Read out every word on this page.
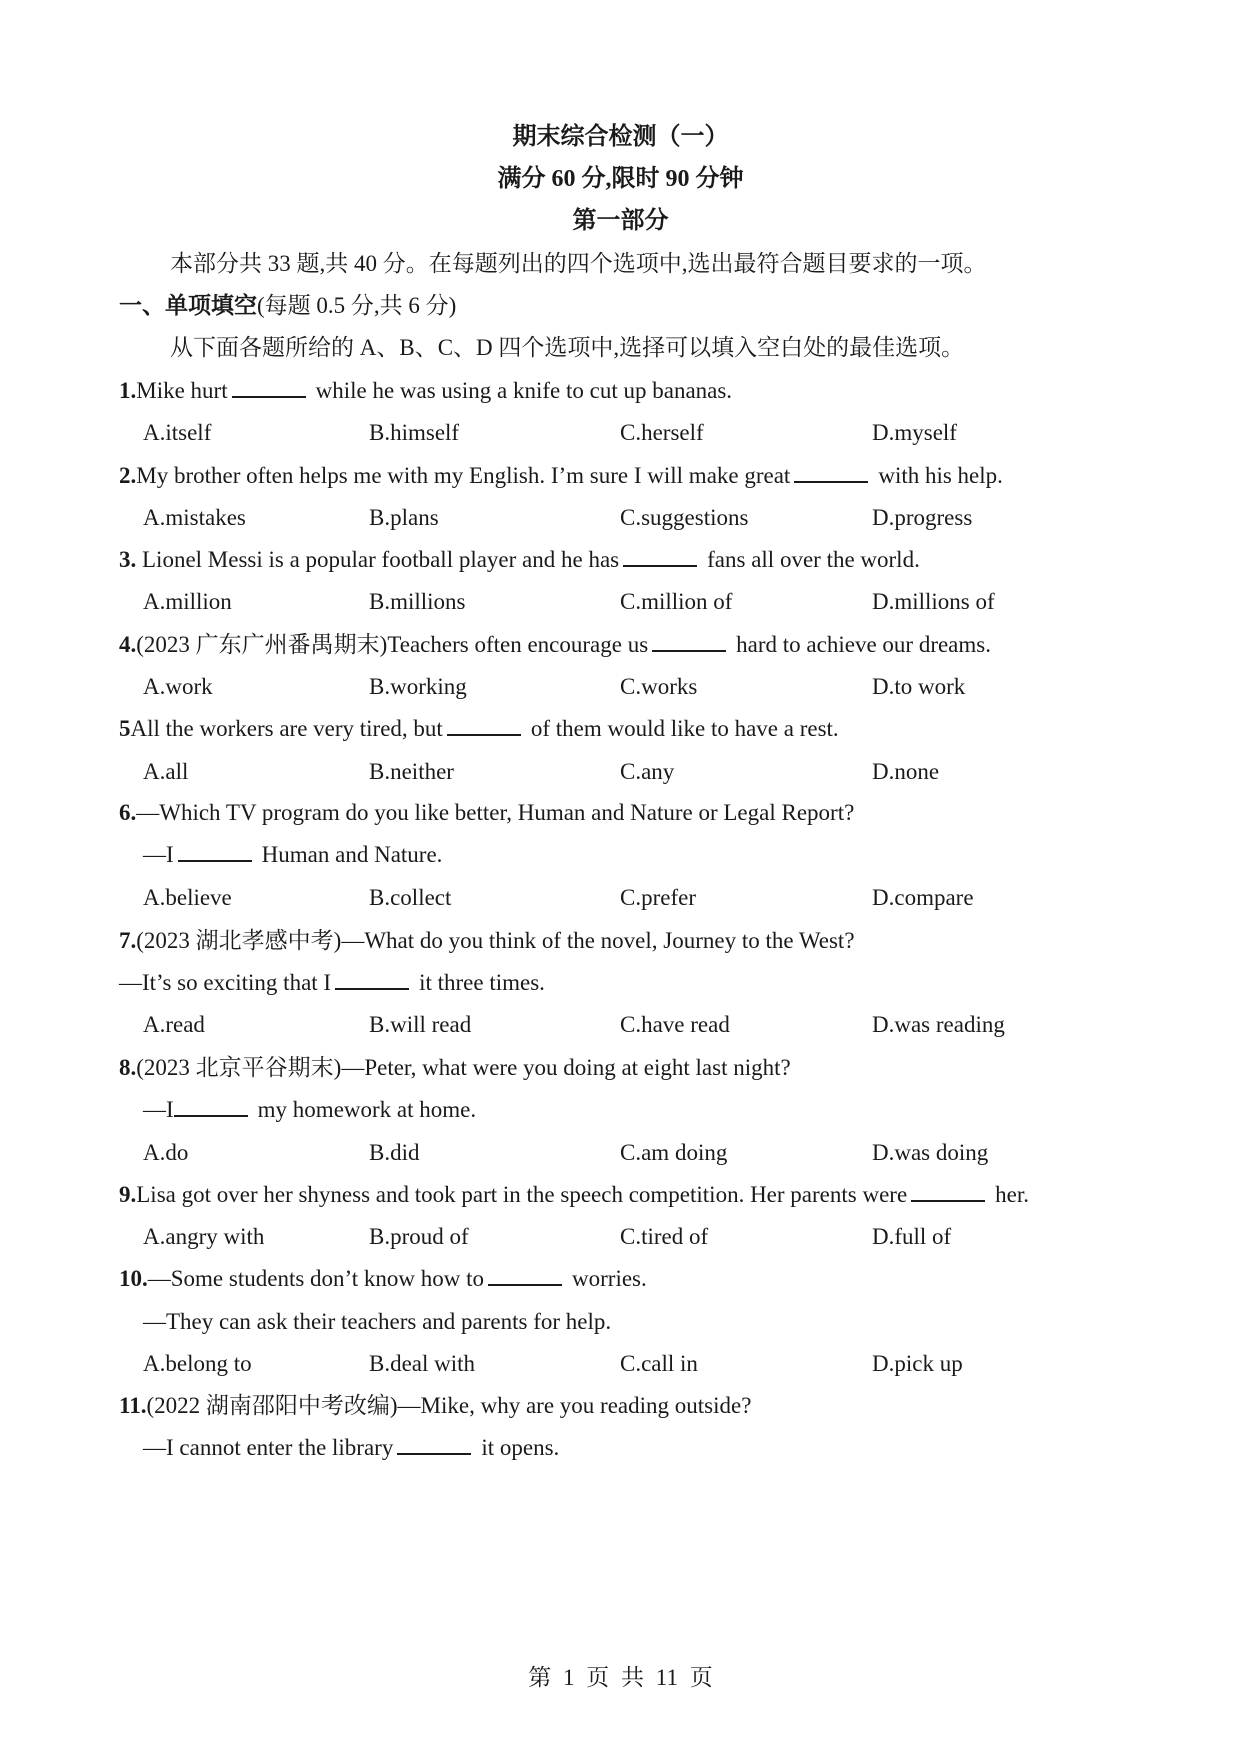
期末综合检测（一）
满分 60 分,限时 90 分钟
第一部分
本部分共 33 题,共 40 分。在每题列出的四个选项中,选出最符合题目要求的一项。
一、单项填空(每题 0.5 分,共 6 分)
从下面各题所给的 A、B、C、D 四个选项中,选择可以填入空白处的最佳选项。
1.Mike hurt	while he was using a knife to cut up bananas.
A.itself	B.himself	C.herself	D.myself
2.My brother often helps me with my English. I’m sure I will make great	with his help.
A.mistakes	B.plans	C.suggestions	D.progress
3. Lionel Messi is a popular football player and he has	fans all over the world.
A.million	B.millions	C.million of	D.millions of
4.(2023 广东广州番禺期末)Teachers often encourage us	hard to achieve our dreams.
A.work	B.working	C.works	D.to work
5All the workers are very tired, but	of them would like to have a rest.
A.all	B.neither	C.any	D.none
6.—Which TV program do you like better, Human and Nature or Legal Report?
—I	Human and Nature.
A.believe	B.collect	C.prefer	D.compare
7.(2023 湖北孝感中考)—What do you think of the novel, Journey to the West?
—It’s so exciting that I	it three times.
A.read	B.will read	C.have read	D.was reading
8.(2023 北京平谷期末)—Peter, what were you doing at eight last night?
—I	my homework at home.
A.do	B.did	C.am doing	D.was doing
9.Lisa got over her shyness and took part in the speech competition. Her parents were	her.
A.angry with	B.proud of	C.tired of	D.full of
10.—Some students don’t know how to	worries.
—They can ask their teachers and parents for help.
A.belong to	B.deal with	C.call in	D.pick up
11.(2022 湖南邵阳中考改编)—Mike, why are you reading outside?
—I cannot enter the library	it opens.
第 1 页 共 11 页
